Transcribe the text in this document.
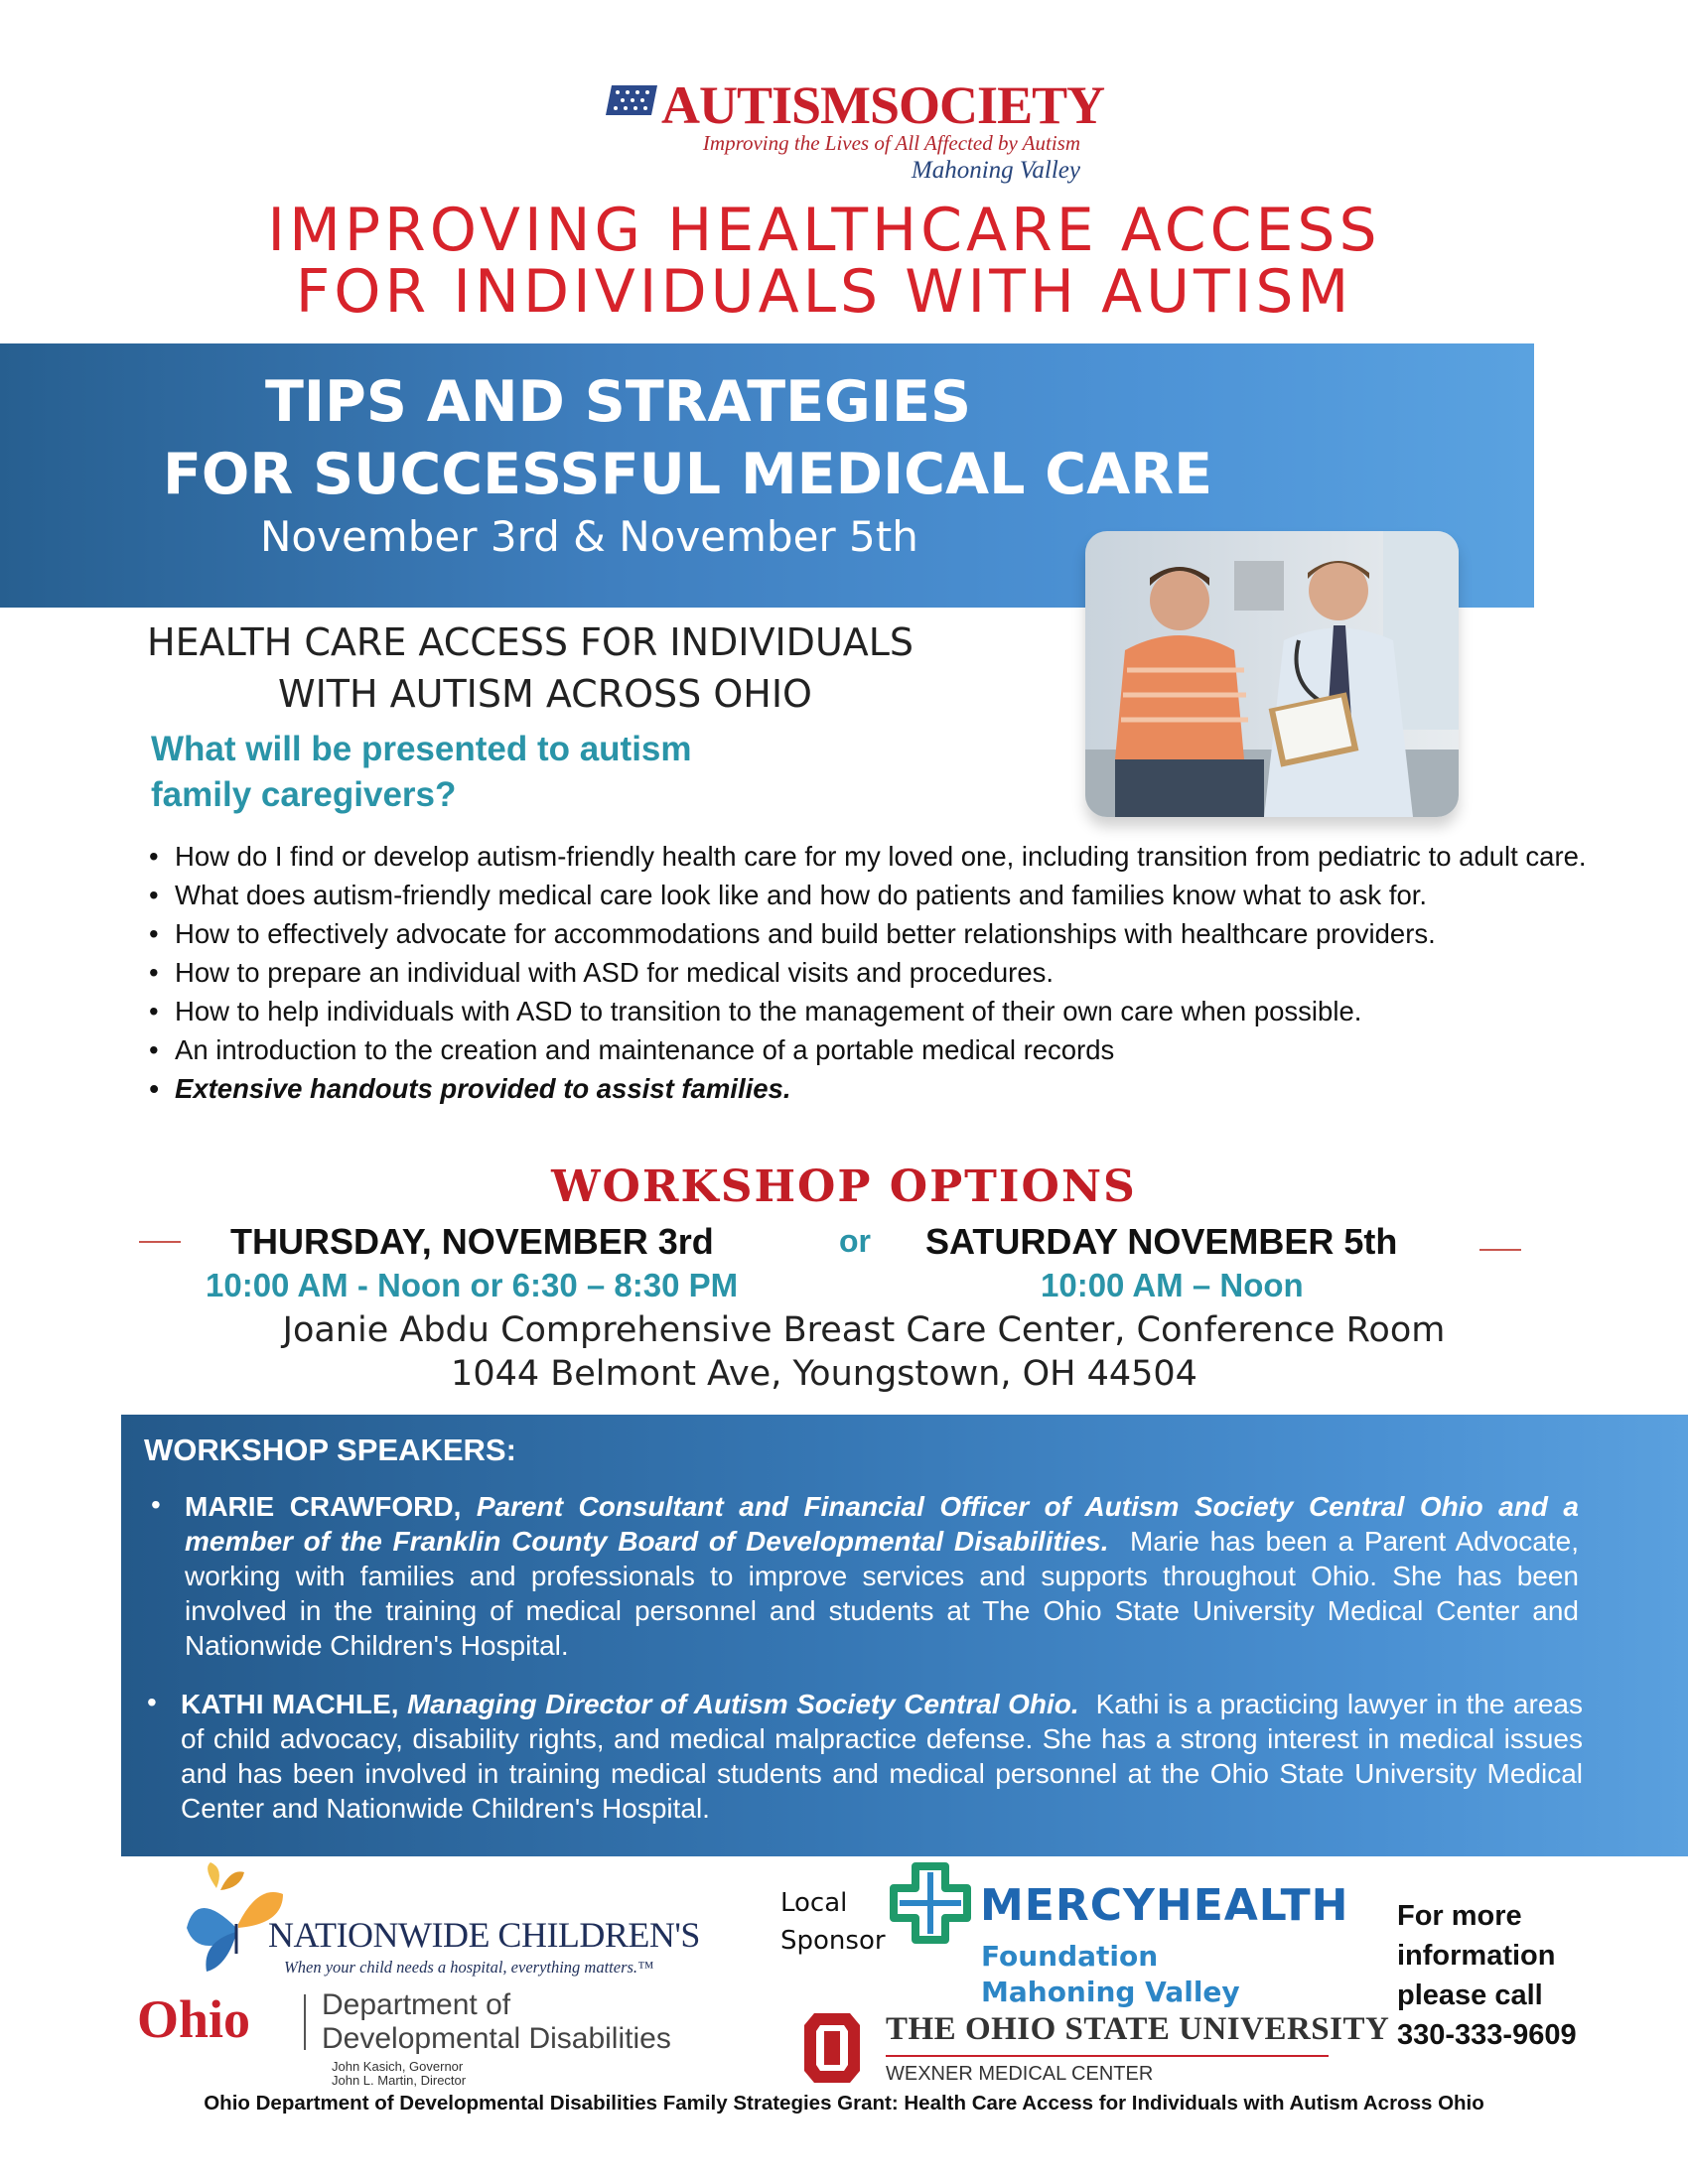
AUTISMSOCIETY
Improving the Lives of All Affected by Autism
Mahoning Valley
IMPROVING HEALTHCARE ACCESS
FOR INDIVIDUALS WITH AUTISM
TIPS AND STRATEGIES
FOR SUCCESSFUL MEDICAL CARE
November 3rd & November 5th
HEALTH CARE ACCESS FOR INDIVIDUALS
WITH AUTISM ACROSS OHIO
What will be presented to autism
family caregivers?
• How do I find or develop autism-friendly health care for my loved one, including transition from pediatric to adult care.
• What does autism-friendly medical care look like and how do patients and families know what to ask for.
• How to effectively advocate for accommodations and build better relationships with healthcare providers.
• How to prepare an individual with ASD for medical visits and procedures.
• How to help individuals with ASD to transition to the management of their own care when possible.
• An introduction to the creation and maintenance of a portable medical records
• Extensive handouts provided to assist families.
WORKSHOP OPTIONS
THURSDAY, NOVEMBER 3rd	or SATURDAY NOVEMBER 5th
10:00 AM - Noon or 6:30 – 8:30 PM	10:00 AM – Noon
Joanie Abdu Comprehensive Breast Care Center, Conference Room
1044 Belmont Ave, Youngstown, OH 44504
WORKSHOP SPEAKERS:
• MARIE CRAWFORD, Parent Consultant and Financial Officer of Autism Society Central Ohio and a member of the Franklin County Board of Developmental Disabilities. Marie has been a Parent Advocate, working with families and professionals to improve services and supports throughout Ohio. She has been involved in the training of medical personnel and students at The Ohio State University Medical Center and Nationwide Children's Hospital.
• KATHI MACHLE, Managing Director of Autism Society Central Ohio. Kathi is a practicing lawyer in the areas of child advocacy, disability rights, and medical malpractice defense. She has a strong interest in medical issues and has been involved in training medical students and medical personnel at the Ohio State University Medical Center and Nationwide Children's Hospital.
NATIONWIDE CHILDREN'S
When your child needs a hospital, everything matters.™
Ohio Department of
Developmental Disabilities
John Kasich, Governor
John L. Martin, Director
Local
Sponsor
MERCYHEALTH
Foundation
Mahoning Valley
THE OHIO STATE UNIVERSITY
WEXNER MEDICAL CENTER
For more
information
please call
330-333-9609
Ohio Department of Developmental Disabilities Family Strategies Grant: Health Care Access for Individuals with Autism Across Ohio
